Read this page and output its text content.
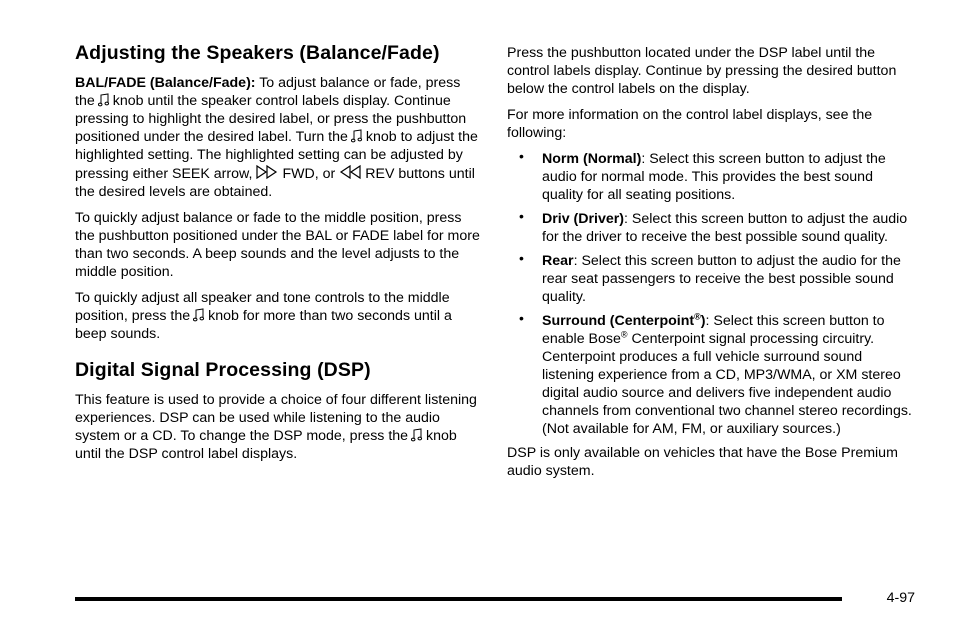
Adjusting the Speakers (Balance/Fade)

BAL/FADE (Balance/Fade): To adjust balance or fade, press the knob until the speaker control labels display. Continue pressing to highlight the desired label, or press the pushbutton positioned under the desired label. Turn the knob to adjust the highlighted setting. The highlighted setting can be adjusted by pressing either SEEK arrow, FWD, or REV buttons until the desired levels are obtained.

To quickly adjust balance or fade to the middle position, press the pushbutton positioned under the BAL or FADE label for more than two seconds. A beep sounds and the level adjusts to the middle position.

To quickly adjust all speaker and tone controls to the middle position, press the knob for more than two seconds until a beep sounds.

Digital Signal Processing (DSP)

This feature is used to provide a choice of four different listening experiences. DSP can be used while listening to the audio system or a CD. To change the DSP mode, press the knob until the DSP control label displays.

Press the pushbutton located under the DSP label until the control labels display. Continue by pressing the desired button below the control labels on the display.

For more information on the control label displays, see the following:

• Norm (Normal): Select this screen button to adjust the audio for normal mode. This provides the best sound quality for all seating positions.
• Driv (Driver): Select this screen button to adjust the audio for the driver to receive the best possible sound quality.
• Rear: Select this screen button to adjust the audio for the rear seat passengers to receive the best possible sound quality.
• Surround (Centerpoint®): Select this screen button to enable Bose® Centerpoint signal processing circuitry. Centerpoint produces a full vehicle surround sound listening experience from a CD, MP3/WMA, or XM stereo digital audio source and delivers five independent audio channels from conventional two channel stereo recordings. (Not available for AM, FM, or auxiliary sources.)

DSP is only available on vehicles that have the Bose Premium audio system.

4-97
